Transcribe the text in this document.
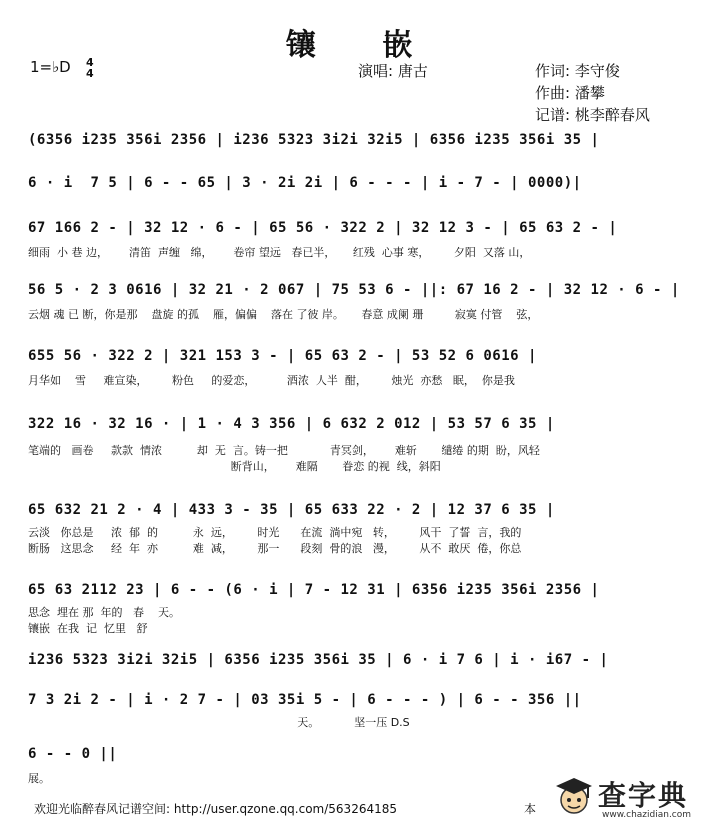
镶 嵌
1=♭D 4
4	演唱: 唐古	作词: 李守俊
作曲: 潘攀
记谱: 桃李醉春风
(6356 i235 356i 2356 | i236 5323 3i2i 32i5 | 6356 i235 356i 35 |
6 · i  7 5 | 6 - - 65 | 3 · 2i 2i | 6 - - - | i - 7 - | 0000)|
67 166 2 - | 32 12 · 6 - | 65 56 · 322 2 | 32 12 3 - | 65 63 2 - |
细雨  小 巷 边，      清笛  声缠   绵，      卷帘 望远   春已半，     红残  心事 寒，       夕阳  又落 山，
56 5 · 2 3 0616 | 32 21 · 2 067 | 75 53 6 - ||: 67 16 2 - | 32 12 · 6 - |
云烟 魂 已 断，你是那    盘旋 的孤    雁，偏偏    落在 了彼 岸。     春意 成阑 珊         寂寞 付管    弦，
655 56 · 322 2 | 321 153 3 - | 65 63 2 - | 53 52 6 0616 |
月华如    雪     难宣染，       粉色     的爱恋，         酒浓  人半  酣，       烛光  亦愁   眠，  你是我
322 16 · 32 16 · | 1 · 4 3 356 | 6 632 2 012 | 53 57 6 35 |
笔端的   画卷     款款  情浓          却  无  言。铸一把            青冥剑，      难斩       缱绻 的期  盼，风轻
断背山，      难隔       眷恋 的视  线，斜阳
65 632 21 2 · 4 | 433 3 - 35 | 65 633 22 · 2 | 12 37 6 35 |
云淡   你总是     浓  郁  的          永  远，       时光      在流  淌中宛   转，       风干  了誓  言，我的
断肠   这思念     经  年  亦          难  减，       那一      段刻  骨的浪   漫，       从不  敢厌  倦，你总
65 63 2112 23 | 6 - - (6 · i | 7 - 12 31 | 6356 i235 356i 2356 |
思念  埋在 那  年的   春    天。
镶嵌  在我  记  忆里   舒
i236 5323 3i2i 32i5 | 6356 i235 356i 35 | 6 · i 7 6 | i · i67 - |
7 3 2i 2 - | i · 2 7 - | 03 35i 5 - | 6 - - - ) | 6 - - 356 ||
天。          坚一压 D.S
6 - - 0 ||
展。
欢迎光临醉春风记谱空间: http://user.qzone.qq.com/563264185	本 查字典
www.chazidian.com
